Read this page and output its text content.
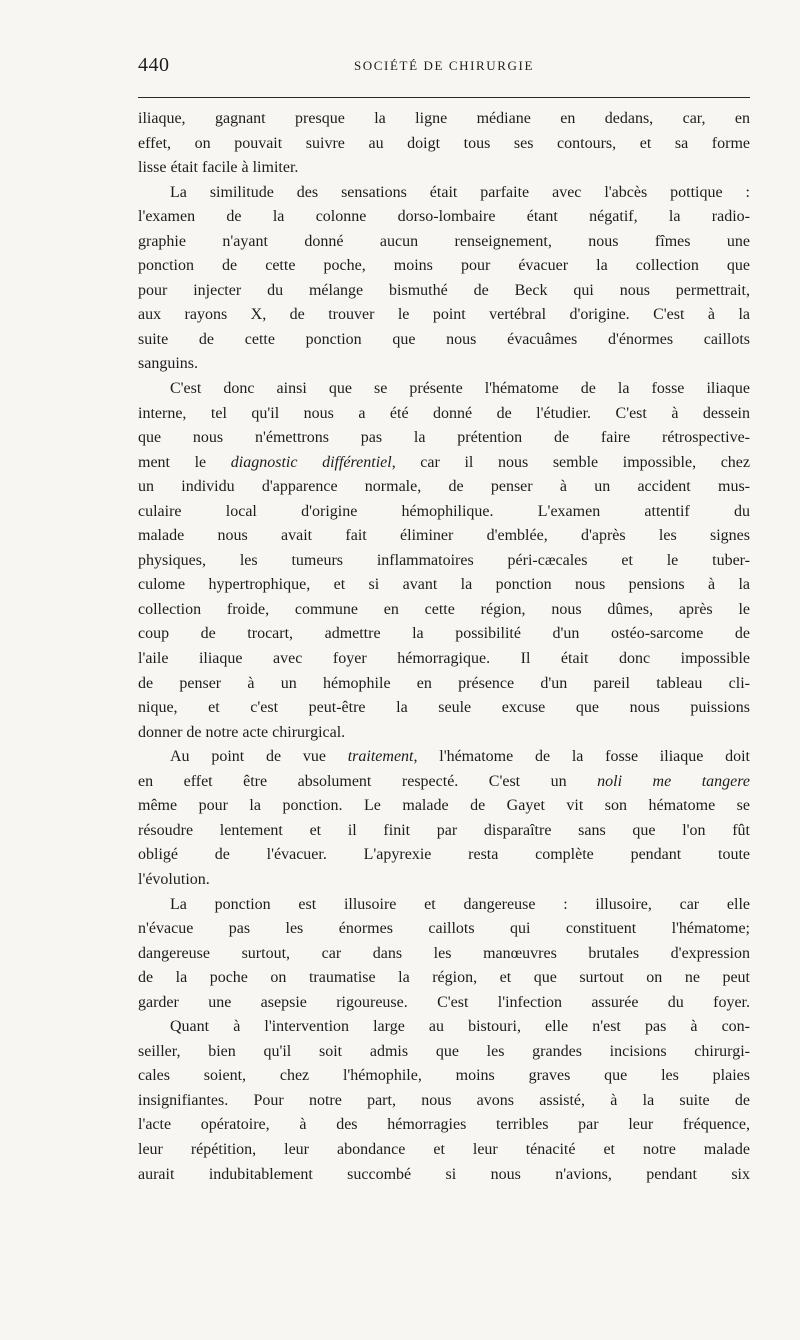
440	SOCIÉTÉ DE CHIRURGIE
iliaque, gagnant presque la ligne médiane en dedans, car, en
effet, on pouvait suivre au doigt tous ses contours, et sa forme
lisse était facile à limiter.
La similitude des sensations était parfaite avec l'abcès pottique :
l'examen de la colonne dorso-lombaire étant négatif, la radio-
graphie n'ayant donné aucun renseignement, nous fîmes une
ponction de cette poche, moins pour évacuer la collection que
pour injecter du mélange bismuthé de Beck qui nous permettrait,
aux rayons X, de trouver le point vertébral d'origine. C'est à la
suite de cette ponction que nous évacuâmes d'énormes caillots
sanguins.
C'est donc ainsi que se présente l'hématome de la fosse iliaque
interne, tel qu'il nous a été donné de l'étudier. C'est à dessein
que nous n'émettrons pas la prétention de faire rétrospective-
ment le diagnostic différentiel, car il nous semble impossible, chez
un individu d'apparence normale, de penser à un accident mus-
culaire local d'origine hémophilique. L'examen attentif du
malade nous avait fait éliminer d'emblée, d'après les signes
physiques, les tumeurs inflammatoires péri-cæcales et le tuber-
culome hypertrophique, et si avant la ponction nous pensions à la
collection froide, commune en cette région, nous dûmes, après le
coup de trocart, admettre la possibilité d'un ostéo-sarcome de
l'aile iliaque avec foyer hémorragique. Il était donc impossible
de penser à un hémophile en présence d'un pareil tableau cli-
nique, et c'est peut-être la seule excuse que nous puissions
donner de notre acte chirurgical.
Au point de vue traitement, l'hématome de la fosse iliaque doit
en effet être absolument respecté. C'est un noli me tangere
même pour la ponction. Le malade de Gayet vit son hématome se
résoudre lentement et il finit par disparaître sans que l'on fût
obligé de l'évacuer. L'apyrexie resta complète pendant toute
l'évolution.
La ponction est illusoire et dangereuse : illusoire, car elle
n'évacue pas les énormes caillots qui constituent l'hématome;
dangereuse surtout, car dans les manœuvres brutales d'expression
de la poche on traumatise la région, et que surtout on ne peut
garder une asepsie rigoureuse. C'est l'infection assurée du foyer.
Quant à l'intervention large au bistouri, elle n'est pas à con-
seiller, bien qu'il soit admis que les grandes incisions chirurgi-
cales soient, chez l'hémophile, moins graves que les plaies
insignifiantes. Pour notre part, nous avons assisté, à la suite de
l'acte opératoire, à des hémorragies terribles par leur fréquence,
leur répétition, leur abondance et leur ténacité et notre malade
aurait indubitablement succombé si nous n'avions, pendant six
